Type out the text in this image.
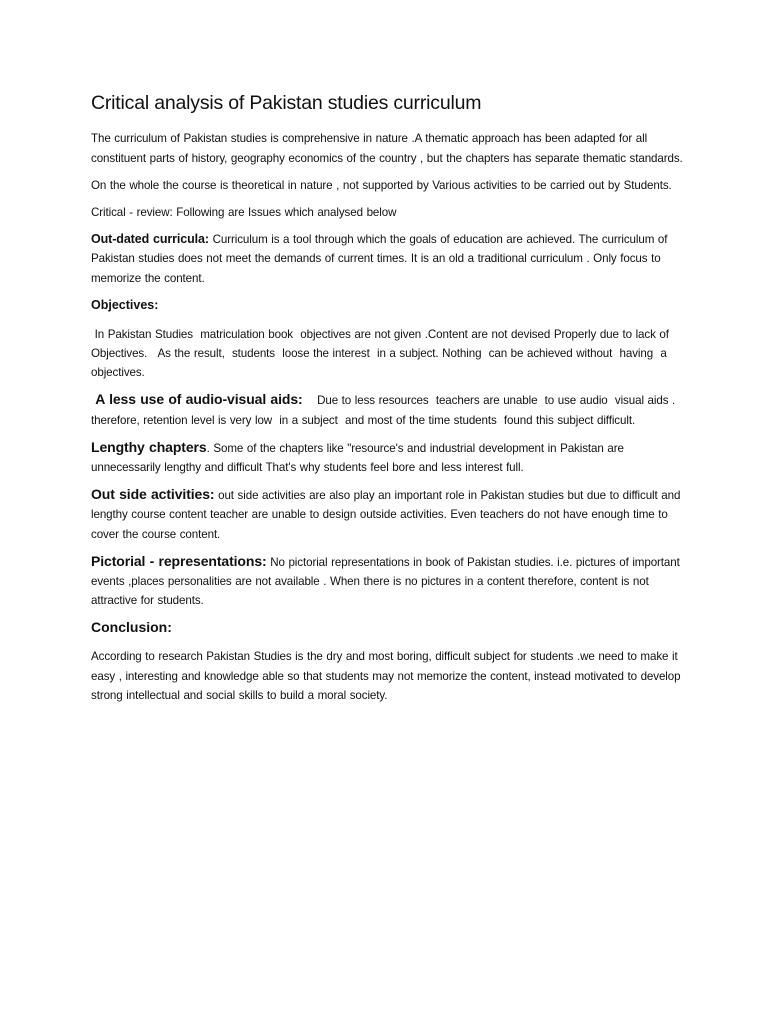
Critical analysis of Pakistan studies curriculum

The curriculum of Pakistan studies is comprehensive in nature .A thematic approach has been adapted for all constituent parts of history, geography economics of the country , but the chapters has separate thematic standards.

On the whole the course is theoretical in nature , not supported by Various activities to be carried out by Students.

Critical - review: Following are Issues which analysed below

Out-dated curricula: Curriculum is a tool through which the goals of education are achieved. The curriculum of Pakistan studies does not meet the demands of current times. It is an old a traditional curriculum . Only focus to memorize the content.

Objectives:

In Pakistan Studies  matriculation book  objectives are not given .Content are not devised Properly due to lack of Objectives.   As the result,  students  loose the interest  in a subject. Nothing  can be achieved without  having  a  objectives.

A less use of audio-visual aids:    Due to less resources  teachers are unable  to use audio  visual aids . therefore, retention level is very low  in a subject  and most of the time students  found this subject difficult.

Lengthy chapters. Some of the chapters like "resource's and industrial development in Pakistan are unnecessarily lengthy and difficult That's why students feel bore and less interest full.

Out side activities: out side activities are also play an important role in Pakistan studies but due to difficult and lengthy course content teacher are unable to design outside activities. Even teachers do not have enough time to cover the course content.

Pictorial - representations: No pictorial representations in book of Pakistan studies. i.e. pictures of important events ,places personalities are not available . When there is no pictures in a content therefore, content is not attractive for students.

Conclusion:

According to research Pakistan Studies is the dry and most boring, difficult subject for students .we need to make it easy , interesting and knowledge able so that students may not memorize the content, instead motivated to develop strong intellectual and social skills to build a moral society.
